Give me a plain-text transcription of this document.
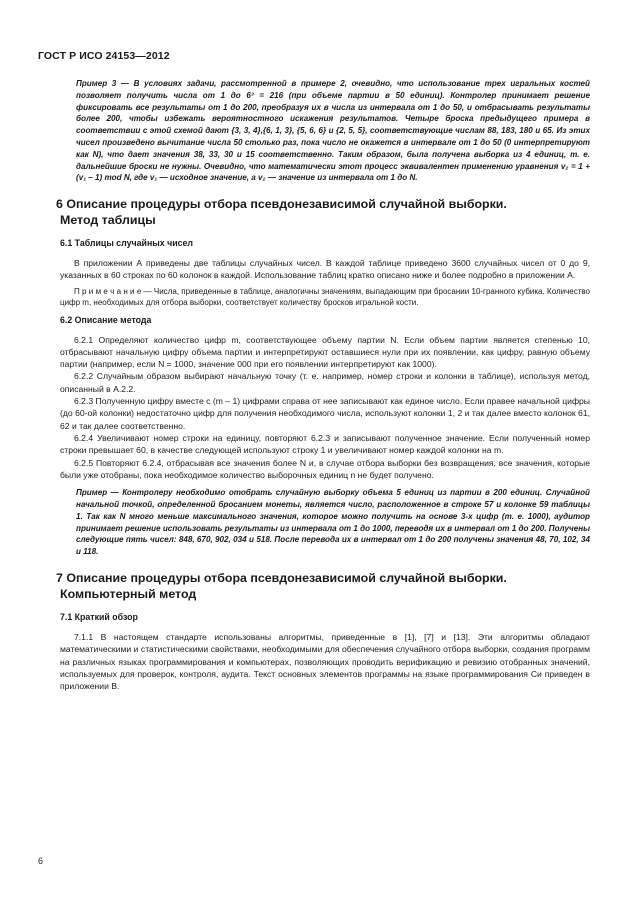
ГОСТ Р ИСО 24153—2012

Пример 3 — В условиях задачи, рассмотренной в примере 2, очевидно, что использование трех игральных костей позволяет получить числа от 1 до 6³ = 216 (при объеме партии в 50 единиц). Контролер принимает решение фиксировать все результаты от 1 до 200, преобразуя их в числа из интервала от 1 до 50, и отбрасывать результаты более 200, чтобы избежать вероятностного искажения результатов. Четыре броска предыдущего примера в соответствии с этой схемой дают {3, 3, 4},{6, 1, 3}, {5, 6, 6} и {2, 5, 5}, соответствующие числам 88, 183, 180 и 65. Из этих чисел произведено вычитание числа 50 столько раз, пока число не окажется в интервале от 1 до 50 (0 интерпретируют как N), что дает значения 38, 33, 30 и 15 соответственно. Таким образом, была получена выборка из 4 единиц, т. е. дальнейшие броски не нужны. Очевидно, что математически этот процесс эквивалентен применению уравнения v₂ = 1 + (v₁ – 1) mod N, где v₁ — исходное значение, а v₂ — значение из интервала от 1 до N.

6 Описание процедуры отбора псевдонезависимой случайной выборки.
Метод таблицы
6.1 Таблицы случайных чисел

В приложении А приведены две таблицы случайных чисел. В каждой таблице приведено 3600 случайных чисел от 0 до 9, указанных в 60 строках по 60 колонок в каждой. Использование таблиц кратко описано ниже и более подробно в приложении А.

П р и м е ч а н и е — Числа, приведенные в таблице, аналогичны значениям, выпадающим при бросании 10-гранного кубика. Количество цифр m, необходимых для отбора выборки, соответствует количеству бросков игральной кости.

6.2 Описание метода

6.2.1 Определяют количество цифр m, соответствующее объему партии N. Если объем партии является степенью 10, отбрасывают начальную цифру объема партии и интерпретируют оставшиеся нули при их появлении, как цифру, равную объему партии (например, если N = 1000, значение 000 при его появлении интерпретируют как 1000).

6.2.2 Случайным образом выбирают начальную точку (т. е. например, номер строки и колонки в таблице), используя метод, описанный в А.2.2.

6.2.3 Полученную цифру вместе с (m – 1) цифрами справа от нее записывают как единое число. Если правее начальной цифры (до 60-ой колонки) недостаточно цифр для получения необходимого числа, используют колонки 1, 2 и так далее вместо колонок 61, 62 и так далее соответственно.

6.2.4 Увеличивают номер строки на единицу, повторяют 6.2.3 и записывают полученное значение. Если полученный номер строки превышает 60, в качестве следующей используют строку 1 и увеличивают номер каждой колонки на m.

6.2.5 Повторяют 6.2.4, отбрасывая все значения более N и, в случае отбора выборки без возвращения, все значения, которые были уже отобраны, пока необходимое количество выборочных единиц n не будет получено.

Пример — Контролеру необходимо отобрать случайную выборку объема 5 единиц из партии в 200 единиц. Случайной начальной точкой, определенной бросанием монеты, является число, расположенное в строке 57 и колонке 59 таблицы 1. Так как N много меньше максимального значения, которое можно получить на основе 3-х цифр (т. е. 1000), аудитор принимает решение использовать результаты из интервала от 1 до 1000, переводя их в интервал от 1 до 200. Получены следующие пять чисел: 848, 670, 902, 034 и 518. После перевода их в интервал от 1 до 200 получены значения 48, 70, 102, 34 и 118.

7 Описание процедуры отбора псевдонезависимой случайной выборки.
Компьютерный метод
7.1 Краткий обзор

7.1.1 В настоящем стандарте использованы алгоритмы, приведенные в [1], [7] и [13]. Эти алгоритмы обладают математическими и статистическими свойствами, необходимыми для обеспечения случайного отбора выборки, создания программ на различных языках программирования и компьютерах, позволяющих проводить верификацию и ревизию отобранных значений, используемых для проверок, контроля, аудита. Текст основных элементов программы на языке программирования Си приведен в приложении В.

6
